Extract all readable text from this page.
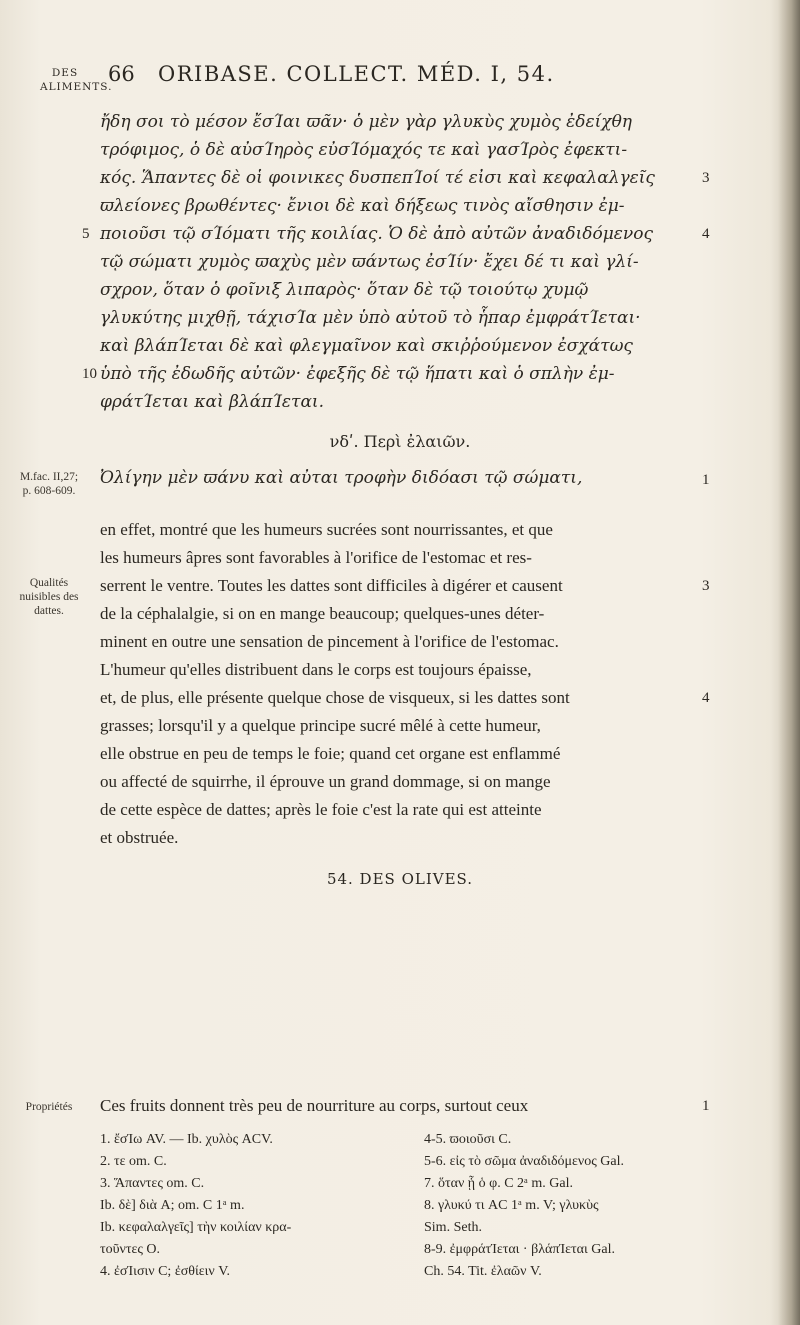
DES ALIMENTS.
66 ORIBASE. COLLECT. MÉD. I, 54.
ἤδη σοι τὸ μέσον ἔσΊαι ϖᾶν· ὁ μὲν γὰρ γλυκὺς χυμὸς ἐδείχθη
τρόφιμος, ὁ δὲ αὐσΊηρὸς εὐσΊόμαχός τε καὶ γασΊρὸς ἐφεκτι-
κός. Ἅπαντες δὲ οἱ φοινικες δυσπεπΊοί τέ εἰσι καὶ κεφαλαλγεῖς
ϖλείονες βρωθέντες· ἔνιοι δὲ καὶ δήξεως τινὸς αἴσθησιν ἐμ-
ποιοῦσι τῷ σΊόματι τῆς κοιλίας. Ὁ δὲ ἀπὸ αὐτῶν ἀναδιδόμενος
τῷ σώματι χυμὸς ϖαχὺς μὲν ϖάντως ἐσΊίν· ἔχει δέ τι καὶ γλί-
σχρον, ὅταν ὁ φοῖνιξ λιπαρὸς· ὅταν δὲ τῷ τοιούτῳ χυμῷ
γλυκύτης μιχθῇ, τάχισΊα μὲν ὑπὸ αὐτοῦ τὸ ἧπαρ ἐμφράτΊεται·
καὶ βλάπΊεται δὲ καὶ φλεγμαῖνον καὶ σκιῤῥούμενον ἐσχάτως
ὑπὸ τῆς ἐδωδῆς αὐτῶν· ἐφεξῆς δὲ τῷ ἥπατι καὶ ὁ σπλὴν ἐμ-
φράτΊεται καὶ βλάπΊεται.
3
5	4
10
νδʹ. Περὶ ἐλαιῶν.
M.fac. II,27; p. 608-609.
Ὀλίγην μὲν ϖάνυ καὶ αὐται τροφὴν διδόασι τῷ σώματι,	1
Qualités nuisibles des dattes.
en effet, montré que les humeurs sucrées sont nourrissantes, et que
les humeurs âpres sont favorables à l'orifice de l'estomac et res-
serrent le ventre. Toutes les dattes sont difficiles à digérer et causent
de la céphalalgie, si on en mange beaucoup; quelques-unes déter-
minent en outre une sensation de pincement à l'orifice de l'estomac.
L'humeur qu'elles distribuent dans le corps est toujours épaisse,
et, de plus, elle présente quelque chose de visqueux, si les dattes sont
grasses; lorsqu'il y a quelque principe sucré mêlé à cette humeur,
elle obstrue en peu de temps le foie; quand cet organe est enflammé
ou affecté de squirrhe, il éprouve un grand dommage, si on mange
de cette espèce de dattes; après le foie c'est la rate qui est atteinte
et obstruée.
3
4
54. DES OLIVES.
Propriétés	Ces fruits donnent très peu de nourriture au corps, surtout ceux	1
1. ἔσΊω AV. — Ib. χυλὸς ACV.
2. τε om. C.
3. Ἅπαντες om. C.
Ib. δὲ] διὰ A; om. C 1ᵃ m.
Ib. κεφαλαλγεῖς] τὴν κοιλίαν κρα-
τοῦντες O.
4. ἐσΊισιν C; ἐσθίειν V.
4-5. ϖοιοῦσι C.
5-6. εἰς τὸ σῶμα ἀναδιδόμενος Gal.
7. ὅταν ᾗ ὁ φ. C 2ᵃ m. Gal.
8. γλυκύ τι AC 1ᵃ m. V; γλυκὺς
Sim. Seth.
8-9. ἐμφράτΊεται · βλάπΊεται Gal.
Ch. 54. Tit. ἐλαῶν V.
